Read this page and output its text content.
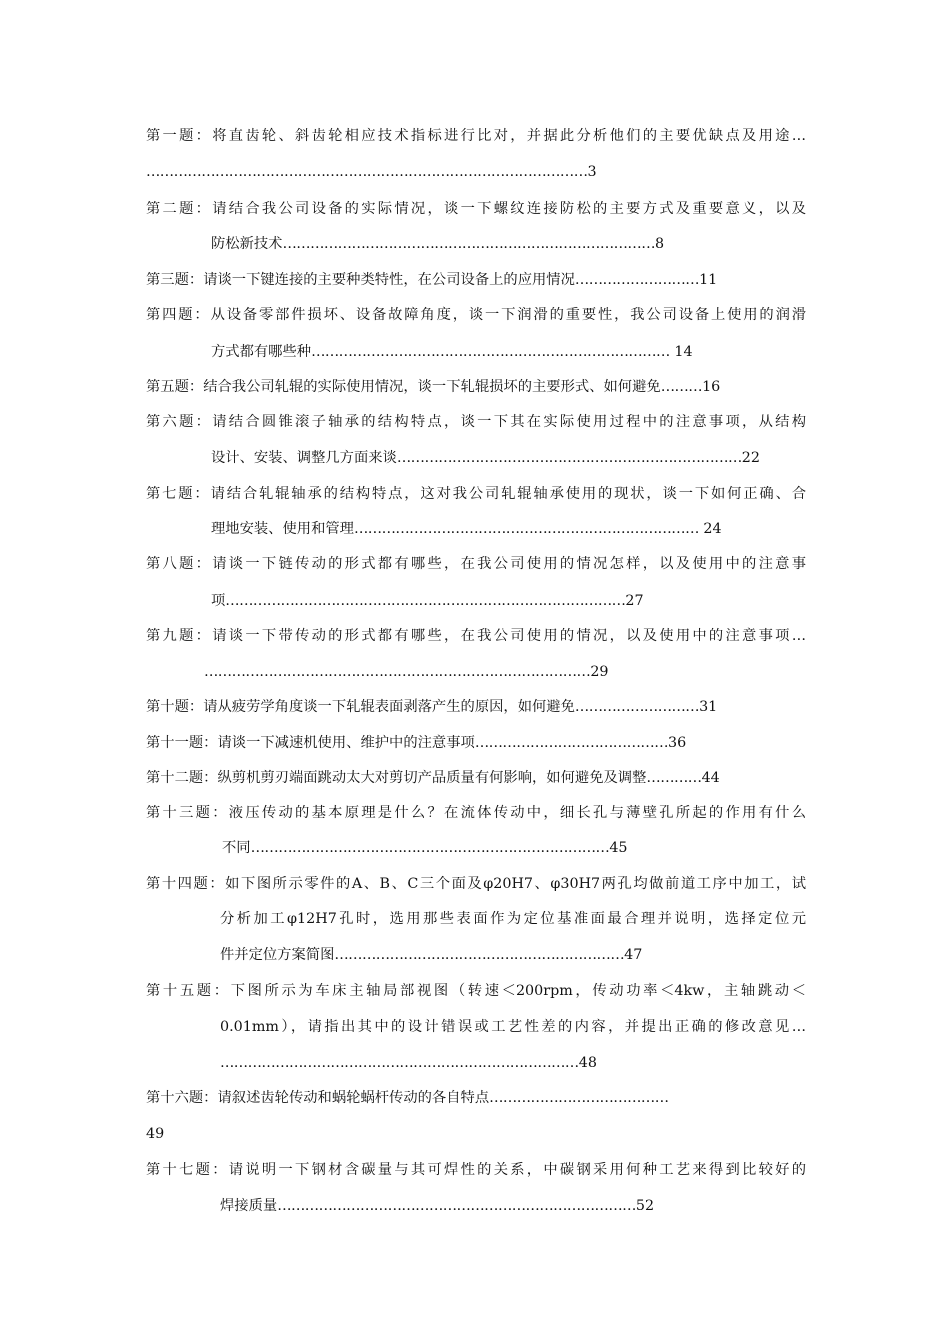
第一题：将直齿轮、斜齿轮相应技术指标进行比对，并据此分析他们的主要优缺点及用途…
……………………………………………………………………………………3
第二题：请结合我公司设备的实际情况，谈一下螺纹连接防松的主要方式及重要意义，以及
防松新技术………………………………………………………………………8
第三题：请谈一下键连接的主要种类特性，在公司设备上的应用情况………………………11
第四题：从设备零部件损坏、设备故障角度，谈一下润滑的重要性，我公司设备上使用的润滑
方式都有哪些种…………………………………………………………………… 14
第五题：结合我公司轧辊的实际使用情况，谈一下轧辊损坏的主要形式、如何避免………16
第六题：请结合圆锥滚子轴承的结构特点，谈一下其在实际使用过程中的注意事项，从结构
设计、安装、调整几方面来谈…………………………………………………………………22
第七题：请结合轧辊轴承的结构特点，这对我公司轧辊轴承使用的现状，谈一下如何正确、合
理地安装、使用和管理………………………………………………………………… 24
第八题：请谈一下链传动的形式都有哪些，在我公司使用的情况怎样，以及使用中的注意事
项……………………………………………………………………………27
第九题：请谈一下带传动的形式都有哪些，在我公司使用的情况，以及使用中的注意事项…
…………………………………………………………………………29
第十题：请从疲劳学角度谈一下轧辊表面剥落产生的原因，如何避免………………………31
第十一题：请谈一下减速机使用、维护中的注意事项……………………………………36
第十二题：纵剪机剪刃端面跳动太大对剪切产品质量有何影响，如何避免及调整…………44
第十三题：液压传动的基本原理是什么？在流体传动中，细长孔与薄壁孔所起的作用有什么
不同……………………………………………………………………45
第十四题：如下图所示零件的A、B、C三个面及φ20H7、φ30H7两孔均做前道工序中加工，试
分析加工φ12H7孔时，选用那些表面作为定位基准面最合理并说明，选择定位元
件并定位方案简图………………………………………………………47
第十五题：下图所示为车床主轴局部视图（转速＜200rpm，传动功率＜4kw，主轴跳动＜
0.01mm），请指出其中的设计错误或工艺性差的内容，并提出正确的修改意见…
……………………………………………………………………48
第十六题：请叙述齿轮传动和蜗轮蜗杆传动的各自特点…………………………………
49
第十七题：请说明一下钢材含碳量与其可焊性的关系，中碳钢采用何种工艺来得到比较好的
焊接质量……………………………………………………………………52
